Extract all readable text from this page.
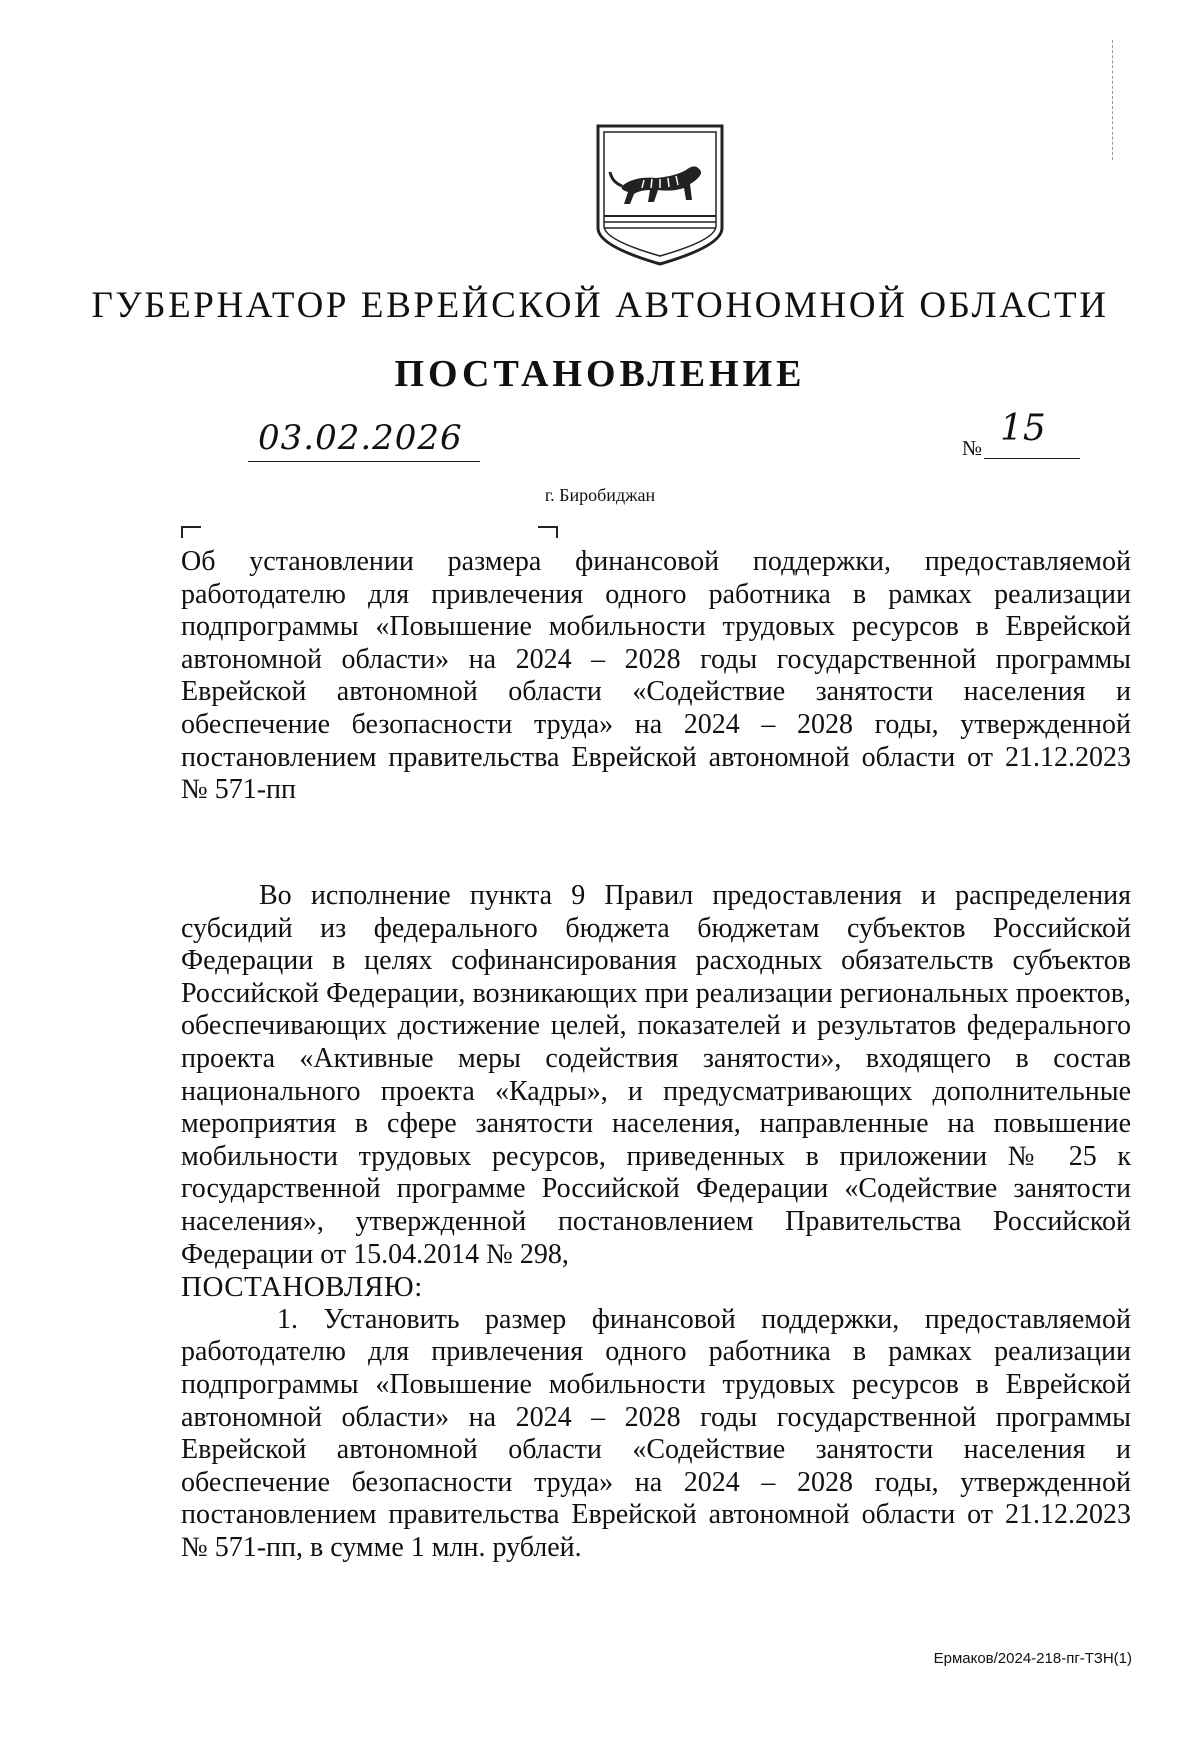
ГУБЕРНАТОР ЕВРЕЙСКОЙ АВТОНОМНОЙ ОБЛАСТИ
ПОСТАНОВЛЕНИЕ
03.02.2026	№ 15
г. Биробиджан
Об установлении размера финансовой поддержки, предоставляемой работодателю для привлечения одного работника в рамках реализации подпрограммы «Повышение мобильности трудовых ресурсов в Еврейской автономной области» на 2024 – 2028 годы государственной программы Еврейской автономной области «Содействие занятости населения и обеспечение безопасности труда» на 2024 – 2028 годы, утвержденной постановлением правительства Еврейской автономной области от 21.12.2023 № 571-пп

Во исполнение пункта 9 Правил предоставления и распределения субсидий из федерального бюджета бюджетам субъектов Российской Федерации в целях софинансирования расходных обязательств субъектов Российской Федерации, возникающих при реализации региональных проектов, обеспечивающих достижение целей, показателей и результатов федерального проекта «Активные меры содействия занятости», входящего в состав национального проекта «Кадры», и предусматривающих дополнительные мероприятия в сфере занятости населения, направленные на повышение мобильности трудовых ресурсов, приведенных в приложении № 25 к государственной программе Российской Федерации «Содействие занятости населения», утвержденной постановлением Правительства Российской Федерации от 15.04.2014 № 298,

ПОСТАНОВЛЯЮ:

1. Установить размер финансовой поддержки, предоставляемой работодателю для привлечения одного работника в рамках реализации подпрограммы «Повышение мобильности трудовых ресурсов в Еврейской автономной области» на 2024 – 2028 годы государственной программы Еврейской автономной области «Содействие занятости населения и обеспечение безопасности труда» на 2024 – 2028 годы, утвержденной постановлением правительства Еврейской автономной области от 21.12.2023 № 571-пп, в сумме 1 млн. рублей.

Ермаков/2024-218-пг-ТЗН(1)
